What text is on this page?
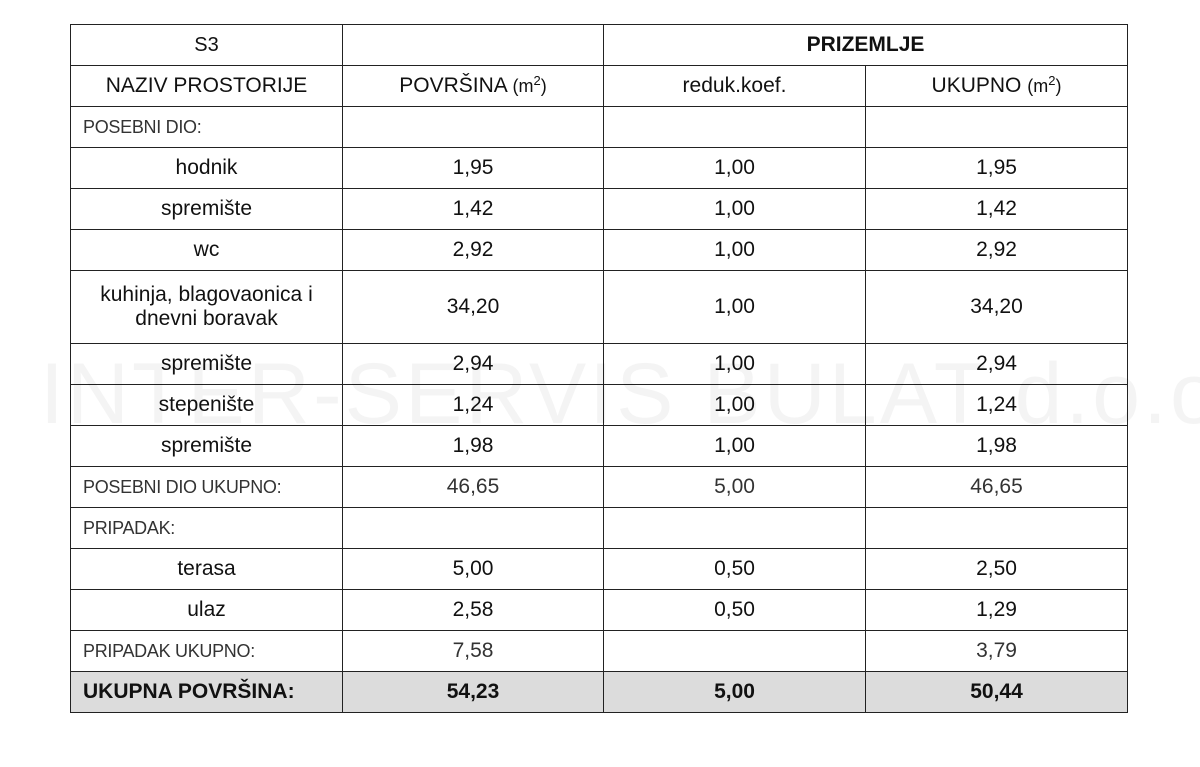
S3		PRIZEMLJE	
NAZIV PROSTORIJE	POVRŠINA $(m^2)$	reduk.koef.	UKUPNO $(m^2)$
POSEBNI DIO:			
hodnik	1,95	1,00	1,95
spremište	1,42	1,00	1,42
wc	2,92	1,00	2,92
kuhinja, blagovaonica i
dnevni boravak	34,20	1,00	34,20
spremište	2,94	1,00	2,94
stepenište	1,24	1,00	1,24
spremište	1,98	1,00	1,98
POSEBNI DIO UKUPNO:	46,65	5,00	46,65
PRIPADAK:			
terasa	5,00	0,50	2,50
ulaz	2,58	0,50	1,29
PRIPADAK UKUPNO:	7,58		3,79
UKUPNA POVRŠINA:	54,23	5,00	50,44
